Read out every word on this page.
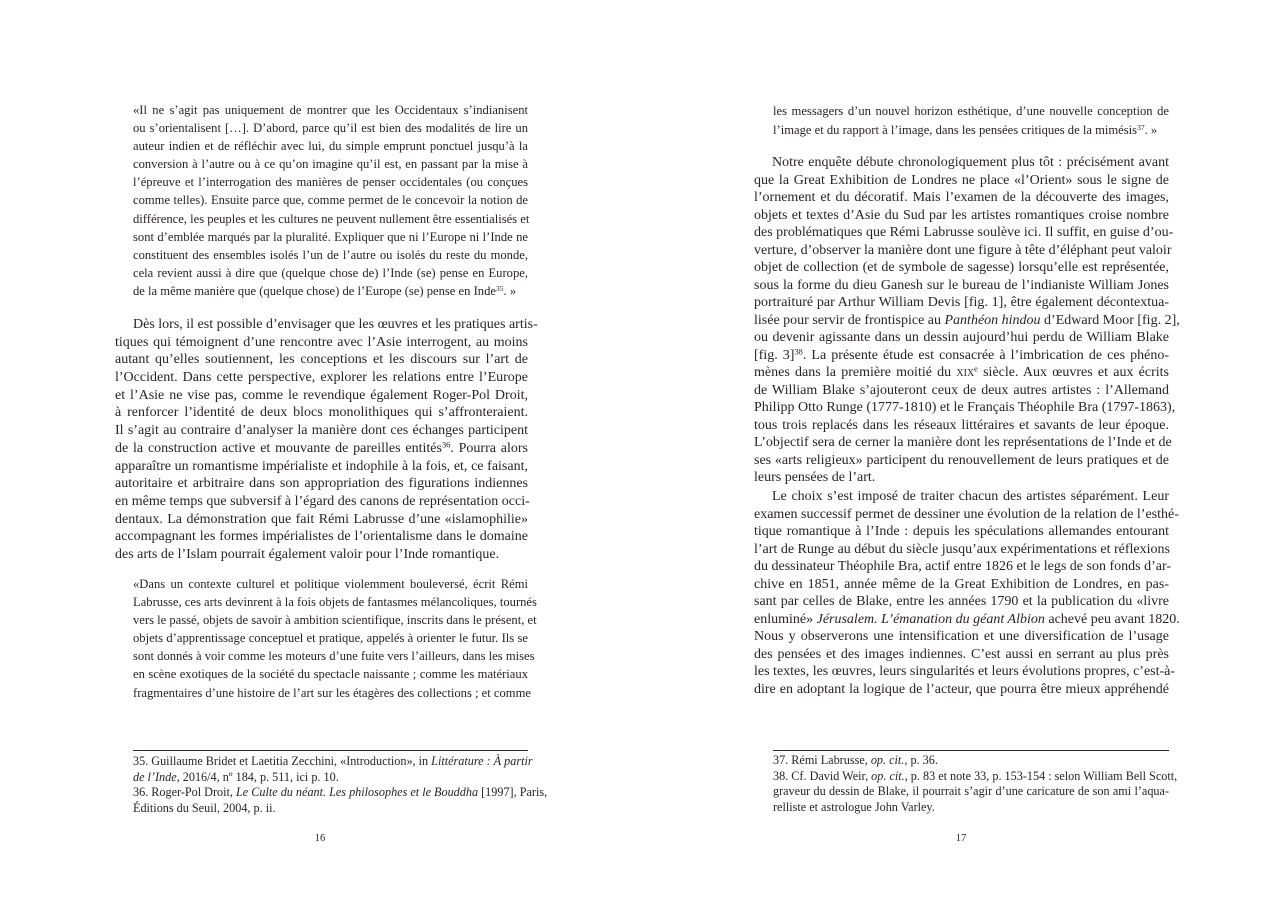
«Il ne s’agit pas uniquement de montrer que les Occidentaux s’indianisent
ou s’orientalisent […]. D’abord, parce qu’il est bien des modalités de lire un
auteur indien et de réfléchir avec lui, du simple emprunt ponctuel jusqu’à la
conversion à l’autre ou à ce qu’on imagine qu’il est, en passant par la mise à
l’épreuve et l’interrogation des manières de penser occidentales (ou conçues
comme telles). Ensuite parce que, comme permet de le concevoir la notion de
différence, les peuples et les cultures ne peuvent nullement être essentialisés et
sont d’emblée marqués par la pluralité. Expliquer que ni l’Europe ni l’Inde ne
constituent des ensembles isolés l’un de l’autre ou isolés du reste du monde,
cela revient aussi à dire que (quelque chose de) l’Inde (se) pense en Europe,
de la même manière que (quelque chose) de l’Europe (se) pense en Inde$^{35}$. »
Dès lors, il est possible d’envisager que les œuvres et les pratiques artis-
tiques qui témoignent d’une rencontre avec l’Asie interrogent, au moins
autant qu’elles soutiennent, les conceptions et les discours sur l’art de
l’Occident. Dans cette perspective, explorer les relations entre l’Europe
et l’Asie ne vise pas, comme le revendique également Roger-Pol Droit,
à renforcer l’identité de deux blocs monolithiques qui s’affronteraient.
Il s’agit au contraire d’analyser la manière dont ces échanges participent
de la construction active et mouvante de pareilles entités$^{36}$. Pourra alors
apparaître un romantisme impérialiste et indophile à la fois, et, ce faisant,
autoritaire et arbitraire dans son appropriation des figurations indiennes
en même temps que subversif à l’égard des canons de représentation occi-
dentaux. La démonstration que fait Rémi Labrusse d’une «islamophilie»
accompagnant les formes impérialistes de l’orientalisme dans le domaine
des arts de l’Islam pourrait également valoir pour l’Inde romantique.
«Dans un contexte culturel et politique violemment bouleversé, écrit Rémi
Labrusse, ces arts devinrent à la fois objets de fantasmes mélancoliques, tournés
vers le passé, objets de savoir à ambition scientifique, inscrits dans le présent, et
objets d’apprentissage conceptuel et pratique, appelés à orienter le futur. Ils se
sont donnés à voir comme les moteurs d’une fuite vers l’ailleurs, dans les mises
en scène exotiques de la société du spectacle naissante ; comme les matériaux
fragmentaires d’une histoire de l’art sur les étagères des collections ; et comme
35. Guillaume Bridet et Laetitia Zecchini, «Introduction», in Littérature : À partir
de l’Inde, 2016/4, nº 184, p. 511, ici p. 10.
36. Roger-Pol Droit, Le Culte du néant. Les philosophes et le Bouddha [1997], Paris,
Éditions du Seuil, 2004, p. ii.
16
les messagers d’un nouvel horizon esthétique, d’une nouvelle conception de
l’image et du rapport à l’image, dans les pensées critiques de la mimésis$^{37}$. »
Notre enquête débute chronologiquement plus tôt : précisément avant
que la Great Exhibition de Londres ne place «l’Orient» sous le signe de
l’ornement et du décoratif. Mais l’examen de la découverte des images,
objets et textes d’Asie du Sud par les artistes romantiques croise nombre
des problématiques que Rémi Labrusse soulève ici. Il suffit, en guise d’ou-
verture, d’observer la manière dont une figure à tête d’éléphant peut valoir
objet de collection (et de symbole de sagesse) lorsqu’elle est représentée,
sous la forme du dieu Ganesh sur le bureau de l’indianiste William Jones
portraituré par Arthur William Devis [fig. 1], être également décontextua-
lisée pour servir de frontispice au Panthéon hindou d’Edward Moor [fig. 2],
ou devenir agissante dans un dessin aujourd’hui perdu de William Blake
[fig. 3]$^{38}$. La présente étude est consacrée à l’imbrication de ces phéno-
mènes dans la première moitié du xix$^e$ siècle. Aux œuvres et aux écrits
de William Blake s’ajouteront ceux de deux autres artistes : l’Allemand
Philipp Otto Runge (1777-1810) et le Français Théophile Bra (1797-1863),
tous trois replacés dans les réseaux littéraires et savants de leur époque.
L’objectif sera de cerner la manière dont les représentations de l’Inde et de
ses «arts religieux» participent du renouvellement de leurs pratiques et de
leurs pensées de l’art.
Le choix s’est imposé de traiter chacun des artistes séparément. Leur
examen successif permet de dessiner une évolution de la relation de l’esthé-
tique romantique à l’Inde : depuis les spéculations allemandes entourant
l’art de Runge au début du siècle jusqu’aux expérimentations et réflexions
du dessinateur Théophile Bra, actif entre 1826 et le legs de son fonds d’ar-
chive en 1851, année même de la Great Exhibition de Londres, en pas-
sant par celles de Blake, entre les années 1790 et la publication du «livre
enluminé» Jérusalem. L’émanation du géant Albion achevé peu avant 1820.
Nous y observerons une intensification et une diversification de l’usage
des pensées et des images indiennes. C’est aussi en serrant au plus près
les textes, les œuvres, leurs singularités et leurs évolutions propres, c’est-à-
dire en adoptant la logique de l’acteur, que pourra être mieux appréhendé
37. Rémi Labrusse, op. cit., p. 36.
38. Cf. David Weir, op. cit., p. 83 et note 33, p. 153-154 : selon William Bell Scott,
graveur du dessin de Blake, il pourrait s’agir d’une caricature de son ami l’aqua-
relliste et astrologue John Varley.
17
